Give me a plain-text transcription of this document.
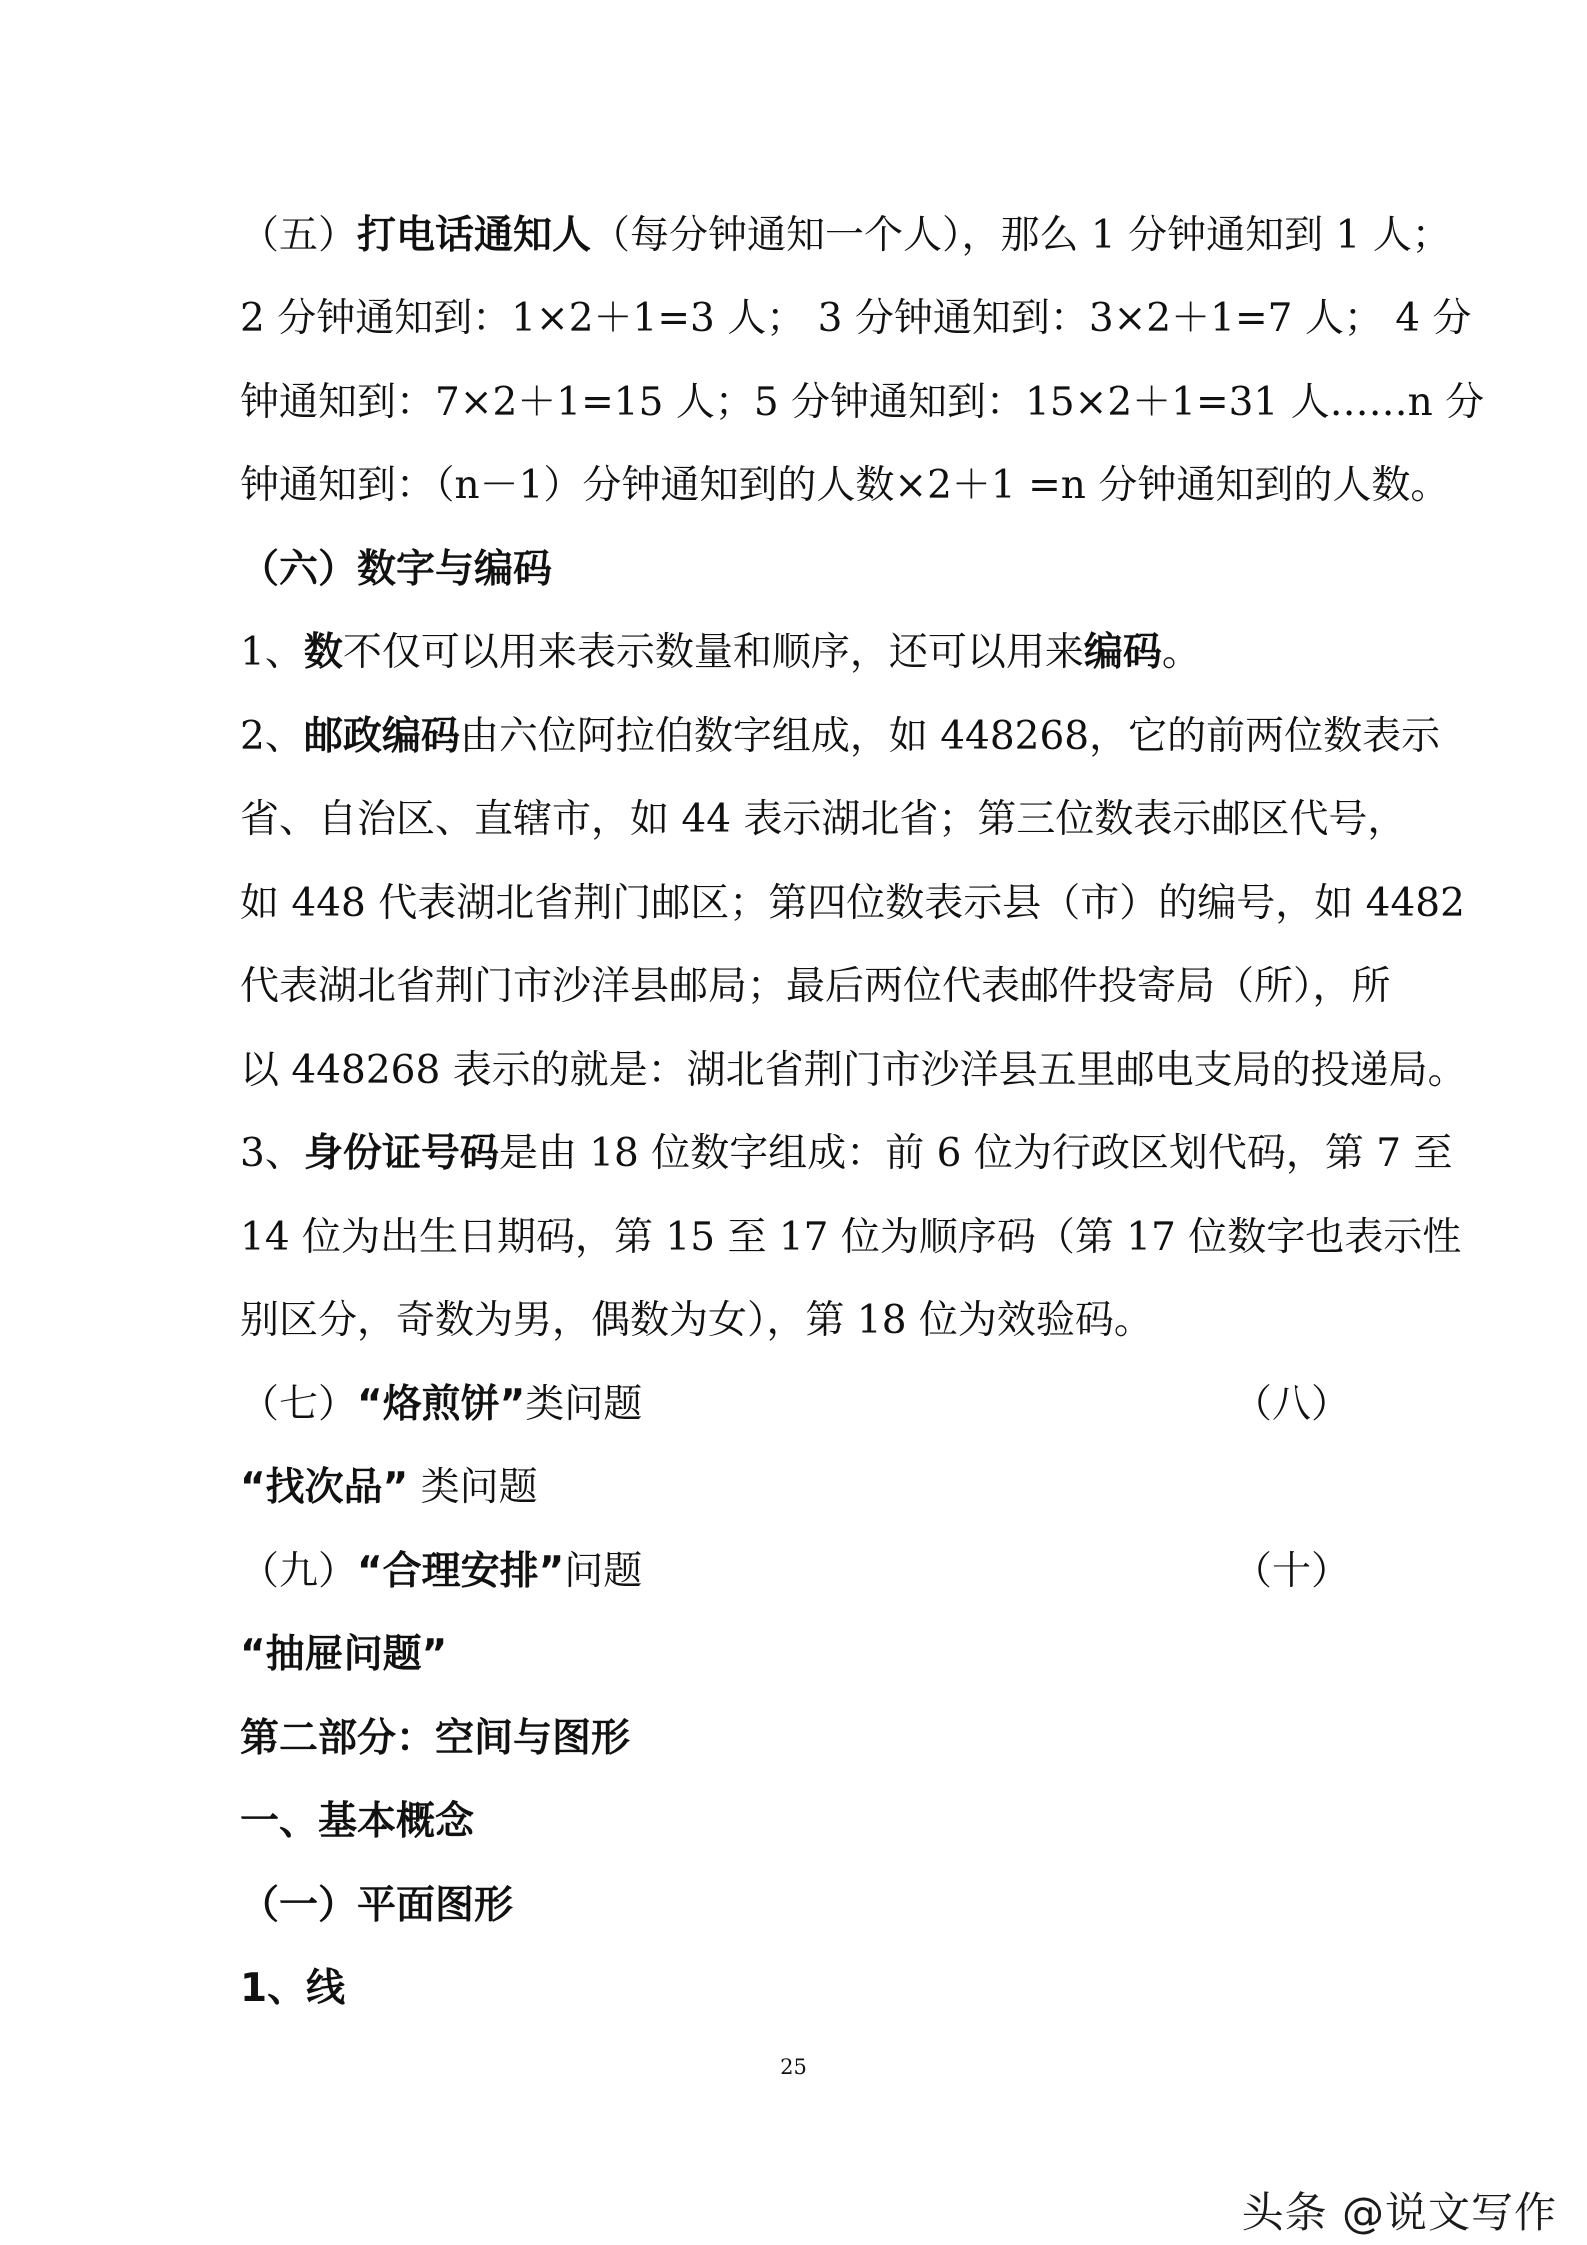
（五）打电话通知人（每分钟通知一个人），那么 1 分钟通知到 1 人；
2 分钟通知到：1×2＋1=3 人； 3 分钟通知到：3×2＋1=7 人； 4 分
钟通知到：7×2＋1=15 人；5 分钟通知到：15×2＋1=31 人……n 分
钟通知到：（n－1）分钟通知到的人数×2＋1 =n 分钟通知到的人数。
（六）数字与编码
1、数不仅可以用来表示数量和顺序，还可以用来编码。
2、邮政编码由六位阿拉伯数字组成，如 448268，它的前两位数表示
省、自治区、直辖市，如 44 表示湖北省；第三位数表示邮区代号，
如 448 代表湖北省荆门邮区；第四位数表示县（市）的编号，如 4482
代表湖北省荆门市沙洋县邮局；最后两位代表邮件投寄局（所），所
以 448268 表示的就是：湖北省荆门市沙洋县五里邮电支局的投递局。
3、身份证号码是由 18 位数字组成：前 6 位为行政区划代码，第 7 至
14 位为出生日期码，第 15 至 17 位为顺序码（第 17 位数字也表示性
别区分，奇数为男，偶数为女），第 18 位为效验码。
（七）“烙煎饼”类问题	（八）
“找次品” 类问题
（九）“合理安排”问题	（十）
“抽屉问题”
第二部分：空间与图形
一、基本概念
（一）平面图形
1、线
25
头条 @说文写作
